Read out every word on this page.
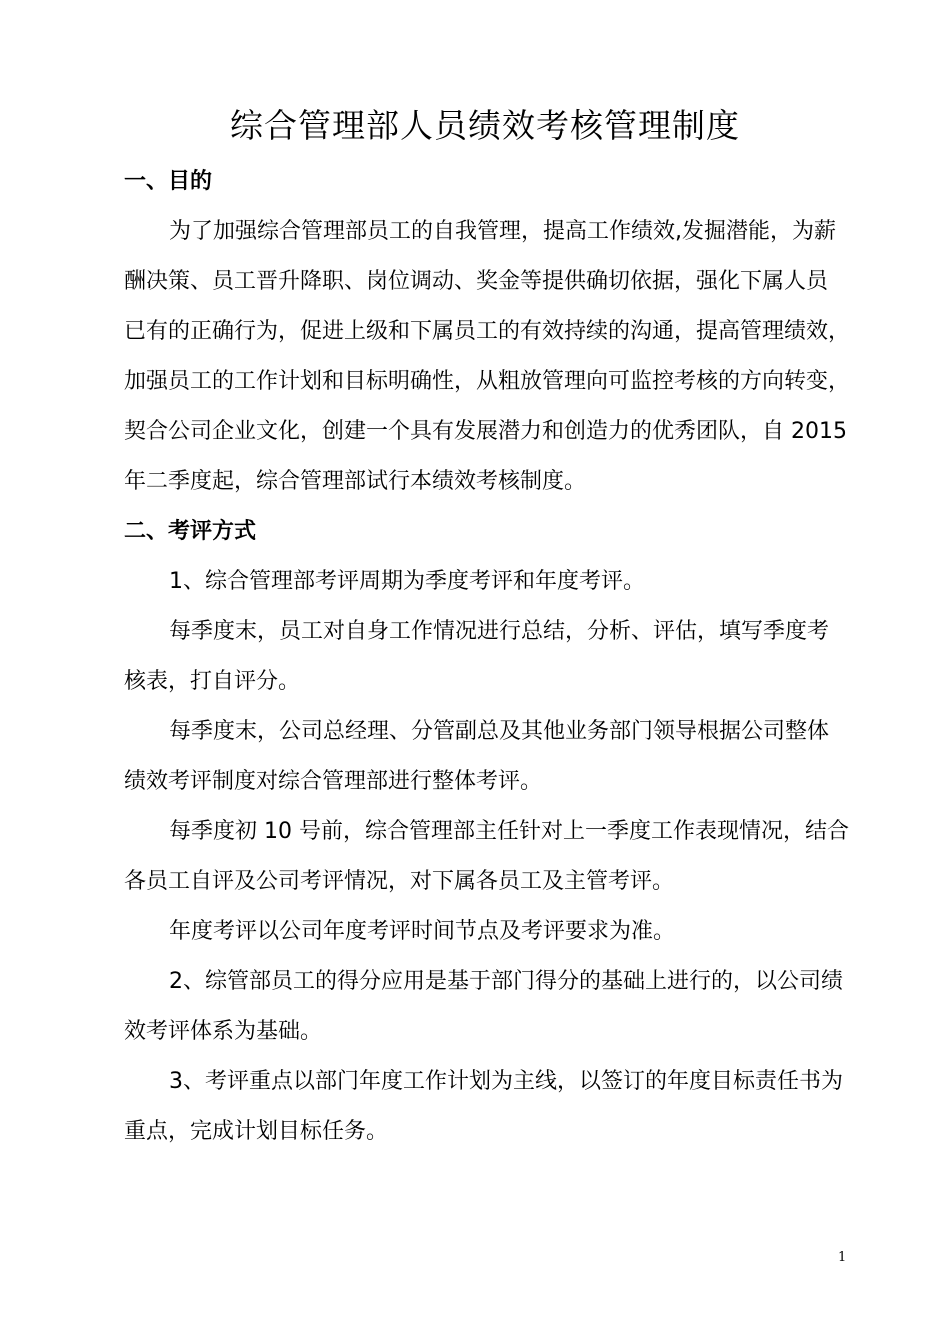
综合管理部人员绩效考核管理制度
一、目的
为了加强综合管理部员工的自我管理，提高工作绩效,发掘潜能，为薪
酬决策、员工晋升降职、岗位调动、奖金等提供确切依据，强化下属人员
已有的正确行为，促进上级和下属员工的有效持续的沟通，提高管理绩效，
加强员工的工作计划和目标明确性，从粗放管理向可监控考核的方向转变，
契合公司企业文化，创建一个具有发展潜力和创造力的优秀团队，自 2015
年二季度起，综合管理部试行本绩效考核制度。
二、考评方式
1、综合管理部考评周期为季度考评和年度考评。
每季度末，员工对自身工作情况进行总结，分析、评估，填写季度考
核表，打自评分。
每季度末，公司总经理、分管副总及其他业务部门领导根据公司整体
绩效考评制度对综合管理部进行整体考评。
每季度初 10 号前，综合管理部主任针对上一季度工作表现情况，结合
各员工自评及公司考评情况，对下属各员工及主管考评。
年度考评以公司年度考评时间节点及考评要求为准。
2、综管部员工的得分应用是基于部门得分的基础上进行的，以公司绩
效考评体系为基础。
3、考评重点以部门年度工作计划为主线，以签订的年度目标责任书为
重点，完成计划目标任务。
1
